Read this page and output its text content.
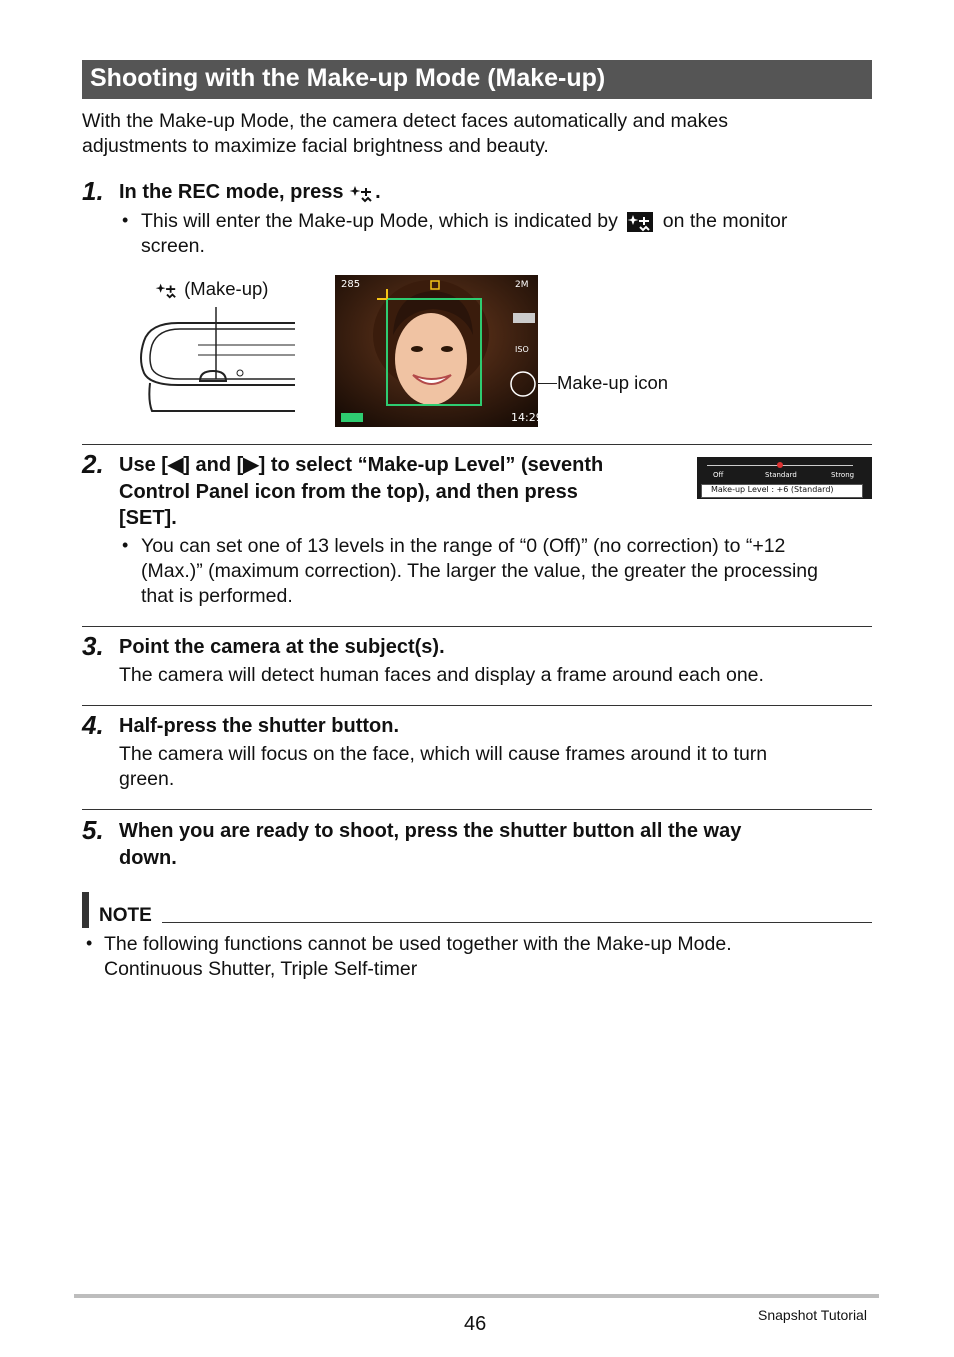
Shooting with the Make-up Mode (Make-up)
With the Make-up Mode, the camera detect faces automatically and makes
adjustments to maximize facial brightness and beauty.
1. In the REC mode, press .
• This will enter the Make-up Mode, which is indicated by on the monitor
screen.
(Make-up)	285	2M
ISO
14:29
Make-up icon
2. Use [◀] and [▶] to select “Make-up Level” (seventh
Control Panel icon from the top), and then press
[SET].
Off	Standard	Strong
Make-up Level : +6 (Standard)
• You can set one of 13 levels in the range of “0 (Off)” (no correction) to “+12
(Max.)” (maximum correction). The larger the value, the greater the processing
that is performed.
3. Point the camera at the subject(s).
The camera will detect human faces and display a frame around each one.
4. Half-press the shutter button.
The camera will focus on the face, which will cause frames around it to turn
green.
5. When you are ready to shoot, press the shutter button all the way
down.
NOTE
• The following functions cannot be used together with the Make-up Mode.
Continuous Shutter, Triple Self-timer
46	Snapshot Tutorial
